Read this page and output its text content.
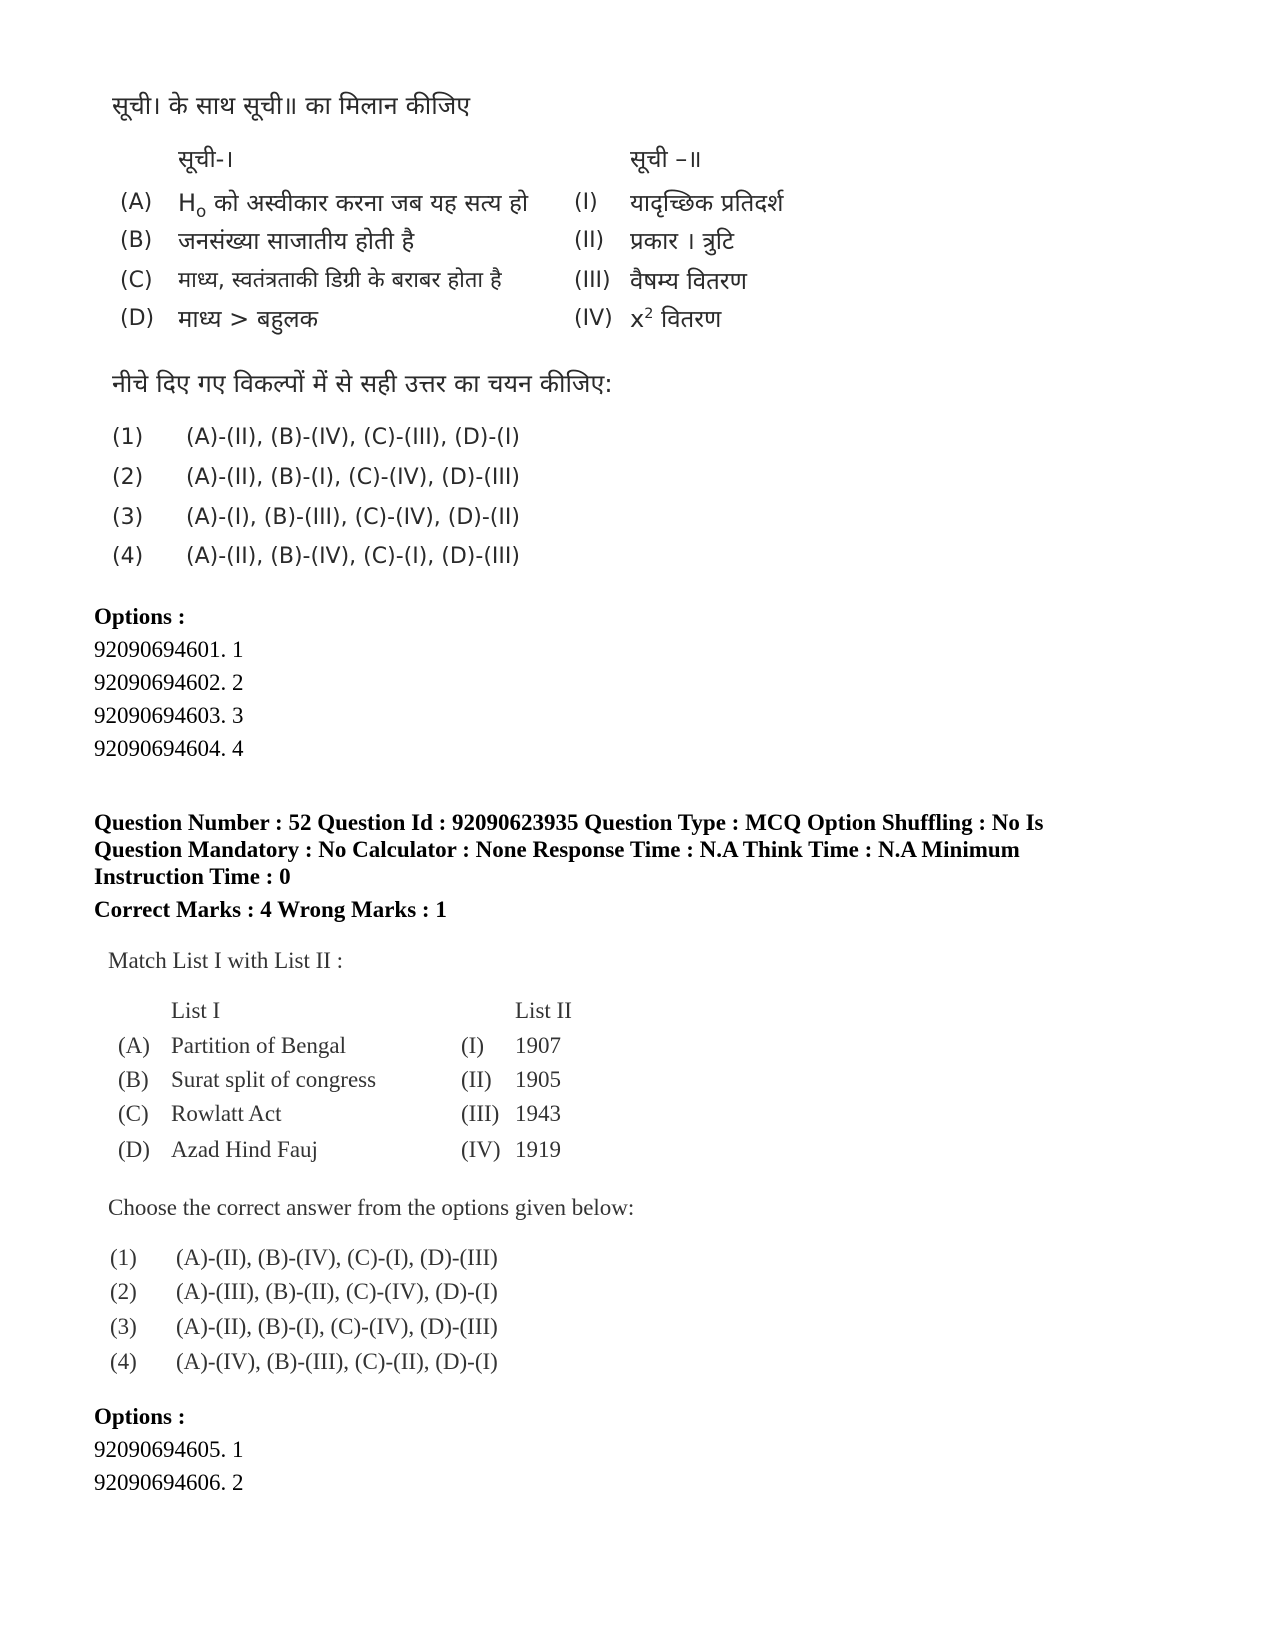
सूची। के साथ सूची॥ का मिलान कीजिए
सूची-।	सूची –॥
(A) $H_o$ को अस्वीकार करना जब यह सत्य हो (I) यादृच्छिक प्रतिदर्श
(B) जनसंख्या साजातीय होती है	(II) प्रकार । त्रुटि
(C) माध्य, स्वतंत्रताकी डिग्री के बराबर होता है	(III) वैषम्य वितरण
(D) माध्य > बहुलक	(IV) $x^2$ वितरण
नीचे दिए गए विकल्पों में से सही उत्तर का चयन कीजिए:
(1) (A)-(II), (B)-(IV), (C)-(III), (D)-(I)
(2) (A)-(II), (B)-(I), (C)-(IV), (D)-(III)
(3) (A)-(I), (B)-(III), (C)-(IV), (D)-(II)
(4) (A)-(II), (B)-(IV), (C)-(I), (D)-(III)
Options :
92090694601. 1
92090694602. 2
92090694603. 3
92090694604. 4
Question Number : 52 Question Id : 92090623935 Question Type : MCQ Option Shuffling : No Is
Question Mandatory : No Calculator : None Response Time : N.A Think Time : N.A Minimum
Instruction Time : 0
Correct Marks : 4 Wrong Marks : 1
Match List I with List II :
List I	List II
(A) Partition of Bengal	(I) 1907
(B) Surat split of congress	(II) 1905
(C) Rowlatt Act	(III) 1943
(D) Azad Hind Fauj	(IV) 1919
Choose the correct answer from the options given below:
(1) (A)-(II), (B)-(IV), (C)-(I), (D)-(III)
(2) (A)-(III), (B)-(II), (C)-(IV), (D)-(I)
(3) (A)-(II), (B)-(I), (C)-(IV), (D)-(III)
(4) (A)-(IV), (B)-(III), (C)-(II), (D)-(I)
Options :
92090694605. 1
92090694606. 2
